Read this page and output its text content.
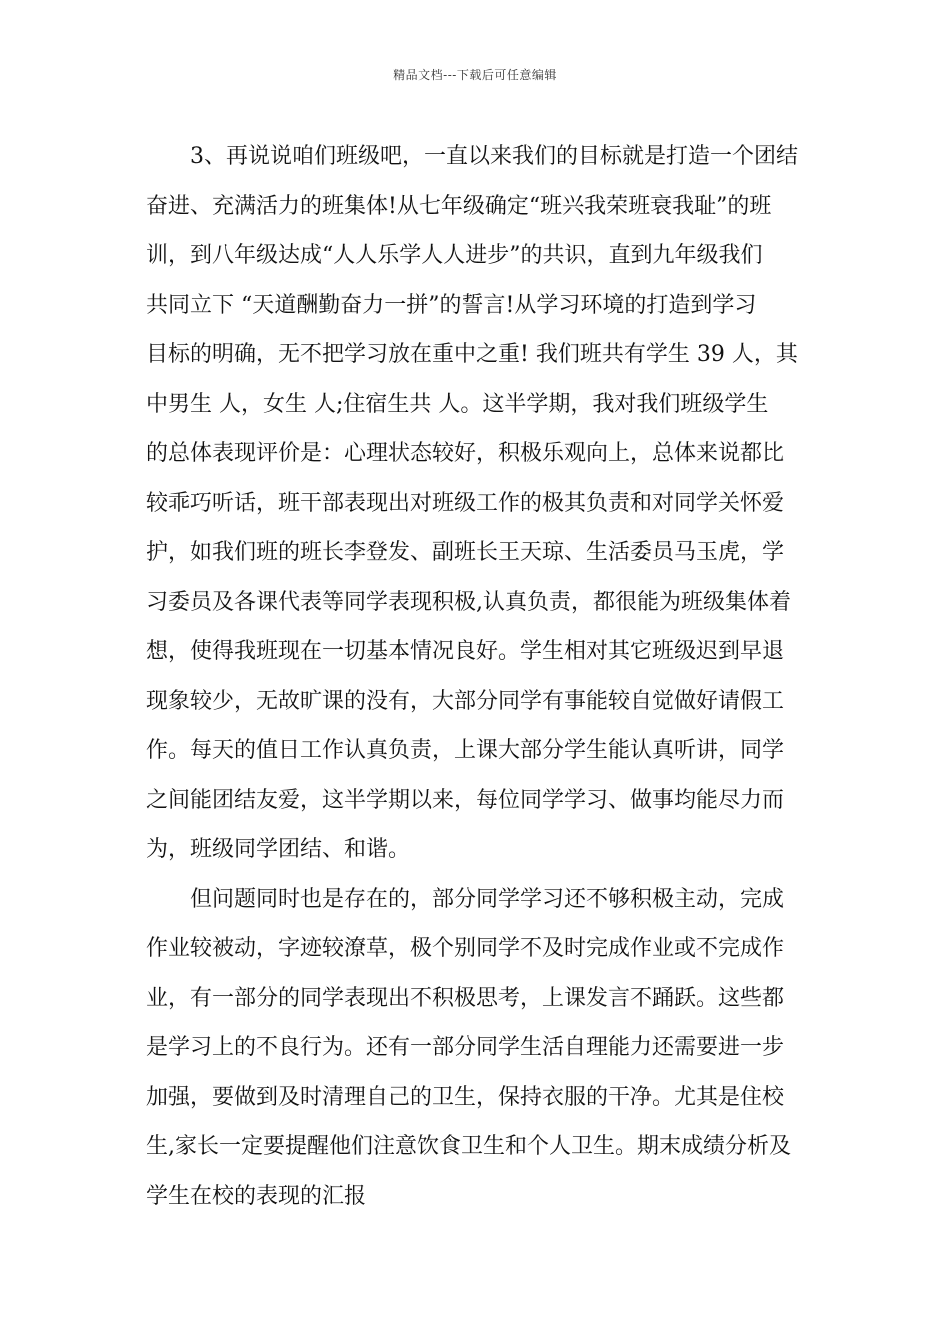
精品文档---下载后可任意编辑
3、再说说咱们班级吧，一直以来我们的目标就是打造一个团结
奋进、充满活力的班集体!从七年级确定“班兴我荣班衰我耻”的班
训，到八年级达成“人人乐学人人进步”的共识，直到九年级我们
共同立下 “天道酬勤奋力一拼”的誓言!从学习环境的打造到学习
目标的明确，无不把学习放在重中之重! 我们班共有学生 39 人，其
中男生 人，女生 人;住宿生共 人。这半学期，我对我们班级学生
的总体表现评价是：心理状态较好，积极乐观向上，总体来说都比
较乖巧听话，班干部表现出对班级工作的极其负责和对同学关怀爱
护，如我们班的班长李登发、副班长王天琼、生活委员马玉虎，学
习委员及各课代表等同学表现积极,认真负责，都很能为班级集体着
想，使得我班现在一切基本情况良好。学生相对其它班级迟到早退
现象较少，无故旷课的没有，大部分同学有事能较自觉做好请假工
作。每天的值日工作认真负责，上课大部分学生能认真听讲，同学
之间能团结友爱，这半学期以来，每位同学学习、做事均能尽力而
为，班级同学团结、和谐。
但问题同时也是存在的，部分同学学习还不够积极主动，完成
作业较被动，字迹较潦草，极个别同学不及时完成作业或不完成作
业，有一部分的同学表现出不积极思考，上课发言不踊跃。这些都
是学习上的不良行为。还有一部分同学生活自理能力还需要进一步
加强，要做到及时清理自己的卫生，保持衣服的干净。尤其是住校
生,家长一定要提醒他们注意饮食卫生和个人卫生。期末成绩分析及
学生在校的表现的汇报
